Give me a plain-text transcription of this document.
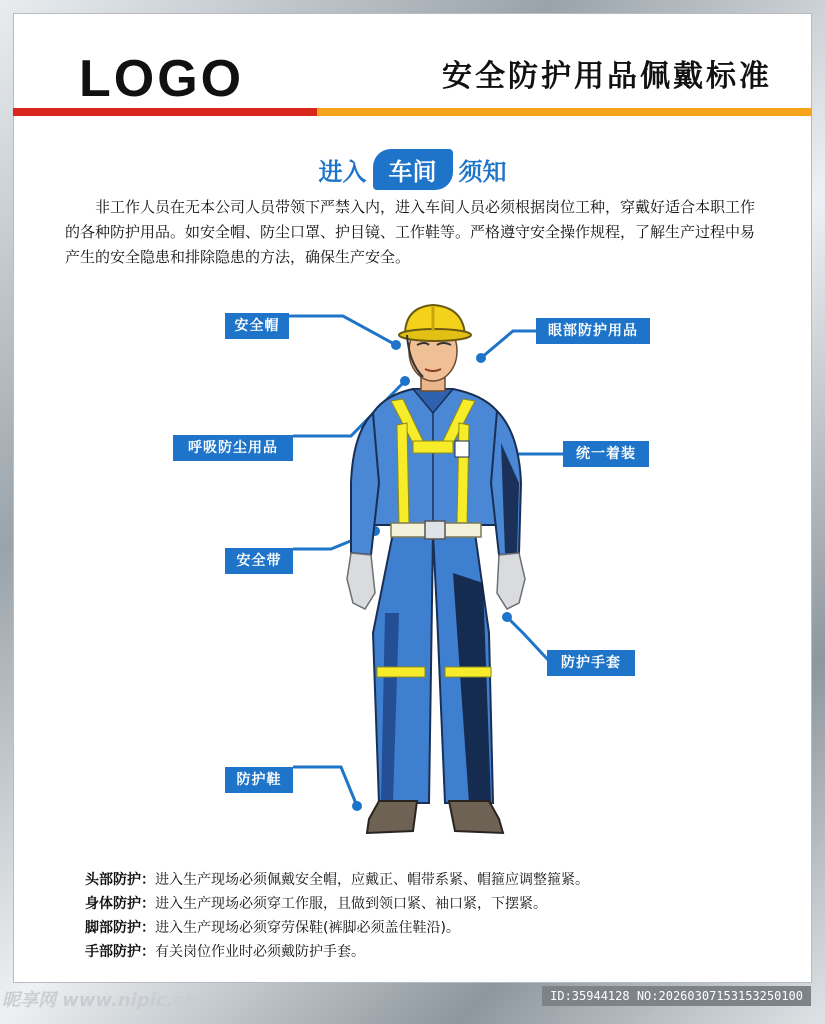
LOGO	安全防护用品佩戴标准
进入 车间 须知

非工作人员在无本公司人员带领下严禁入内，进入车间人员必须根据岗位工种，穿戴好适合本职工作的各种防护用品。如安全帽、防尘口罩、护目镜、工作鞋等。严格遵守安全操作规程，了解生产过程中易产生的安全隐患和排除隐患的方法，确保生产安全。

安全帽	眼部防护用品
呼吸防尘用品	统一着装
安全带
防护手套
防护鞋
头部防护：进入生产现场必须佩戴安全帽，应戴正、帽带系紧、帽箍应调整箍紧。
身体防护：进入生产现场必须穿工作服，且做到领口紧、袖口紧，下摆紧。
脚部防护：进入生产现场必须穿劳保鞋(裤脚必须盖住鞋沿)。
手部防护：有关岗位作业时必须戴防护手套。
昵享网 www.nipic.cn	ID:35944128 NO:20260307153153250100
